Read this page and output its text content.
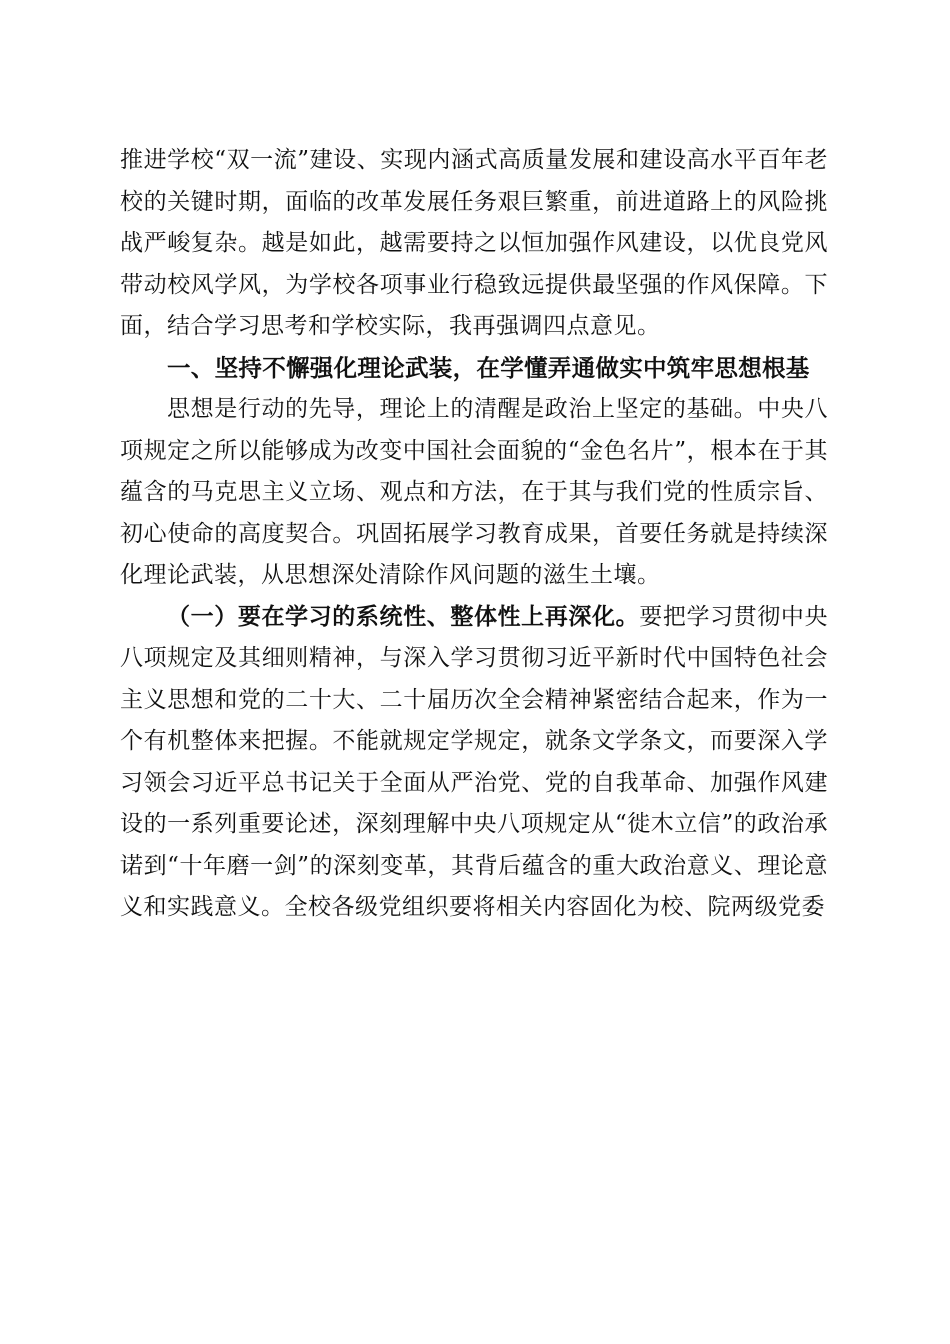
推进学校“双一流”建设、实现内涵式高质量发展和建设高水平百年老校的关键时期，面临的改革发展任务艰巨繁重，前进道路上的风险挑战严峻复杂。越是如此，越需要持之以恒加强作风建设，以优良党风带动校风学风，为学校各项事业行稳致远提供最坚强的作风保障。下面，结合学习思考和学校实际，我再强调四点意见。

一、坚持不懈强化理论武装，在学懂弄通做实中筑牢思想根基

思想是行动的先导，理论上的清醒是政治上坚定的基础。中央八项规定之所以能够成为改变中国社会面貌的“金色名片”，根本在于其蕴含的马克思主义立场、观点和方法，在于其与我们党的性质宗旨、初心使命的高度契合。巩固拓展学习教育成果，首要任务就是持续深化理论武装，从思想深处清除作风问题的滋生土壤。

（一）要在学习的系统性、整体性上再深化。要把学习贯彻中央八项规定及其细则精神，与深入学习贯彻习近平新时代中国特色社会主义思想和党的二十大、二十届历次全会精神紧密结合起来，作为一个有机整体来把握。不能就规定学规定，就条文学条文，而要深入学习领会习近平总书记关于全面从严治党、党的自我革命、加强作风建设的一系列重要论述，深刻理解中央八项规定从“徙木立信”的政治承诺到“十年磨一剑”的深刻变革，其背后蕴含的重大政治意义、理论意义和实践意义。全校各级党组织要将相关内容固化为校、院两级党委
